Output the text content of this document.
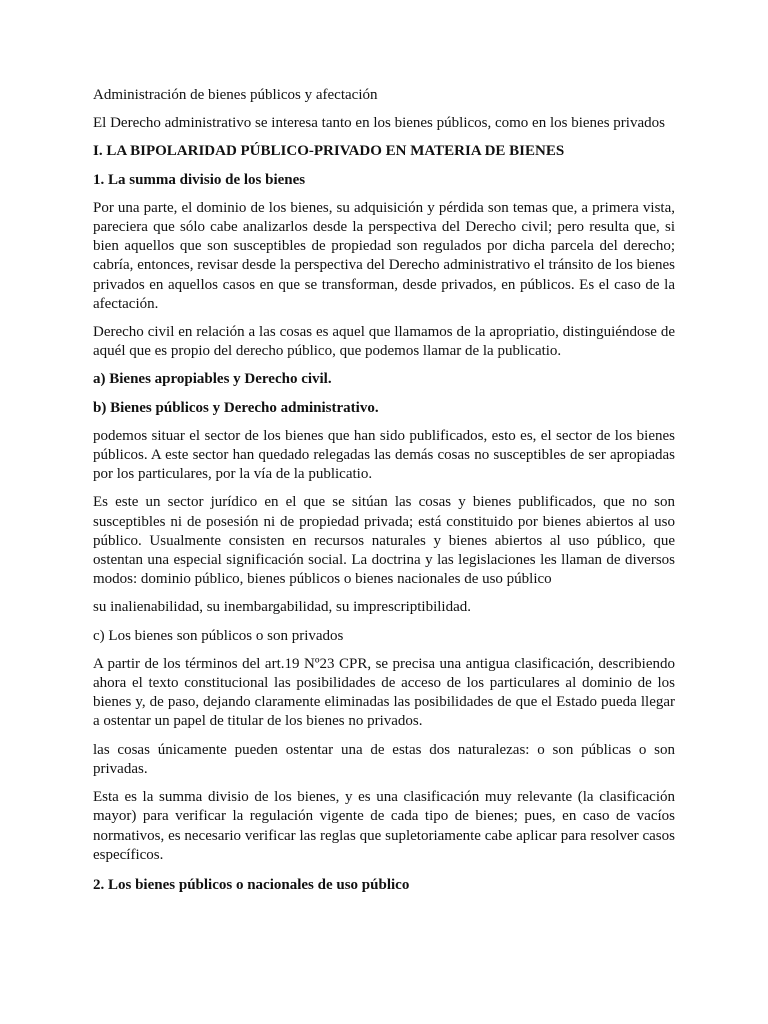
Administración de bienes públicos y afectación

El Derecho administrativo se interesa tanto en los bienes públicos, como en los bienes privados

I. LA BIPOLARIDAD PÚBLICO-PRIVADO EN MATERIA DE BIENES

1. La summa divisio de los bienes

Por una parte, el dominio de los bienes, su adquisición y pérdida son temas que, a primera vista, pareciera que sólo cabe analizarlos desde la perspectiva del Derecho civil; pero resulta que, si bien aquellos que son susceptibles de propiedad son regulados por dicha parcela del derecho; cabría, entonces, revisar desde la perspectiva del Derecho administrativo el tránsito de los bienes privados en aquellos casos en que se transforman, desde privados, en públicos. Es el caso de la afectación.

Derecho civil en relación a las cosas es aquel que llamamos de la apropriatio, distinguiéndose de aquél que es propio del derecho público, que podemos llamar de la publicatio.

a) Bienes apropiables y Derecho civil.

b) Bienes públicos y Derecho administrativo.

podemos situar el sector de los bienes que han sido publificados, esto es, el sector de los bienes públicos. A este sector han quedado relegadas las demás cosas no susceptibles de ser apropiadas por los particulares, por la vía de la publicatio.

Es este un sector jurídico en el que se sitúan las cosas y bienes publificados, que no son susceptibles ni de posesión ni de propiedad privada; está constituido por bienes abiertos al uso público. Usualmente consisten en recursos naturales y bienes abiertos al uso público, que ostentan una especial significación social. La doctrina y las legislaciones les llaman de diversos modos: dominio público, bienes públicos o bienes nacionales de uso público

su inalienabilidad, su inembargabilidad, su imprescriptibilidad.

c) Los bienes son públicos o son privados

A partir de los términos del art.19 Nº23 CPR, se precisa una antigua clasificación, describiendo ahora el texto constitucional las posibilidades de acceso de los particulares al dominio de los bienes y, de paso, dejando claramente eliminadas las posibilidades de que el Estado pueda llegar a ostentar un papel de titular de los bienes no privados.

las cosas únicamente pueden ostentar una de estas dos naturalezas: o son públicas o son privadas.

Esta es la summa divisio de los bienes, y es una clasificación muy relevante (la clasificación mayor) para verificar la regulación vigente de cada tipo de bienes; pues, en caso de vacíos normativos, es necesario verificar las reglas que supletoriamente cabe aplicar para resolver casos específicos.

2. Los bienes públicos o nacionales de uso público
